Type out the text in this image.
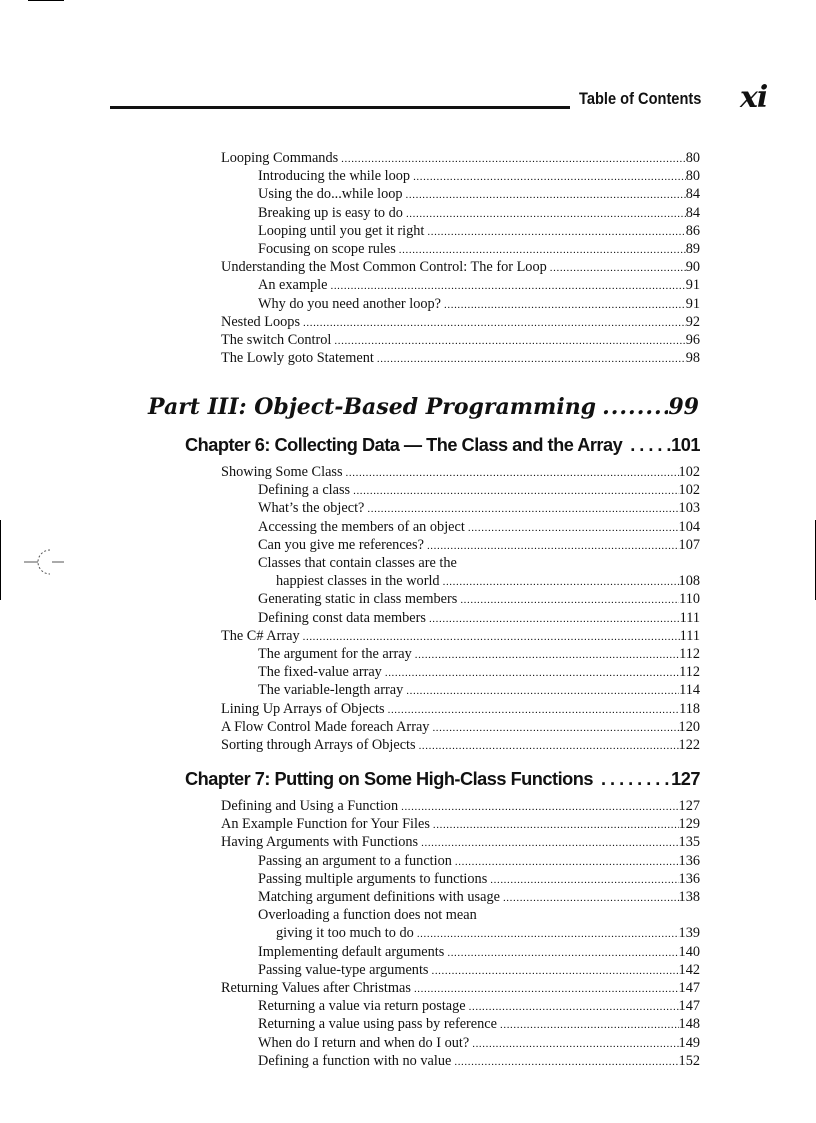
Table of Contents xi
Looping Commands .....	80
Introducing the while loop .....	80
Using the do...while loop .....	84
Breaking up is easy to do .....	84
Looping until you get it right .....	86
Focusing on scope rules .....	89
Understanding the Most Common Control: The for Loop .....	90
An example .....	91
Why do you need another loop? .....	91
Nested Loops .....	92
The switch Control .....	96
The Lowly goto Statement .....	98
Part III: Object-Based Programming .....	99
Chapter 6: Collecting Data — The Class and the Array .....	101
Showing Some Class .....	102
Defining a class .....	102
What’s the object? .....	103
Accessing the members of an object .....	104
Can you give me references? .....	107
Classes that contain classes are the
happiest classes in the world .....	108
Generating static in class members .....	110
Defining const data members .....	111
The C# Array .....	111
The argument for the array .....	112
The fixed-value array .....	112
The variable-length array .....	114
Lining Up Arrays of Objects .....	118
A Flow Control Made foreach Array .....	120
Sorting through Arrays of Objects .....	122
Chapter 7: Putting on Some High-Class Functions .....	127
Defining and Using a Function .....	127
An Example Function for Your Files .....	129
Having Arguments with Functions .....	135
Passing an argument to a function .....	136
Passing multiple arguments to functions .....	136
Matching argument definitions with usage .....	138
Overloading a function does not mean
giving it too much to do .....	139
Implementing default arguments .....	140
Passing value-type arguments .....	142
Returning Values after Christmas .....	147
Returning a value via return postage .....	147
Returning a value using pass by reference .....	148
When do I return and when do I out? .....	149
Defining a function with no value .....	152
